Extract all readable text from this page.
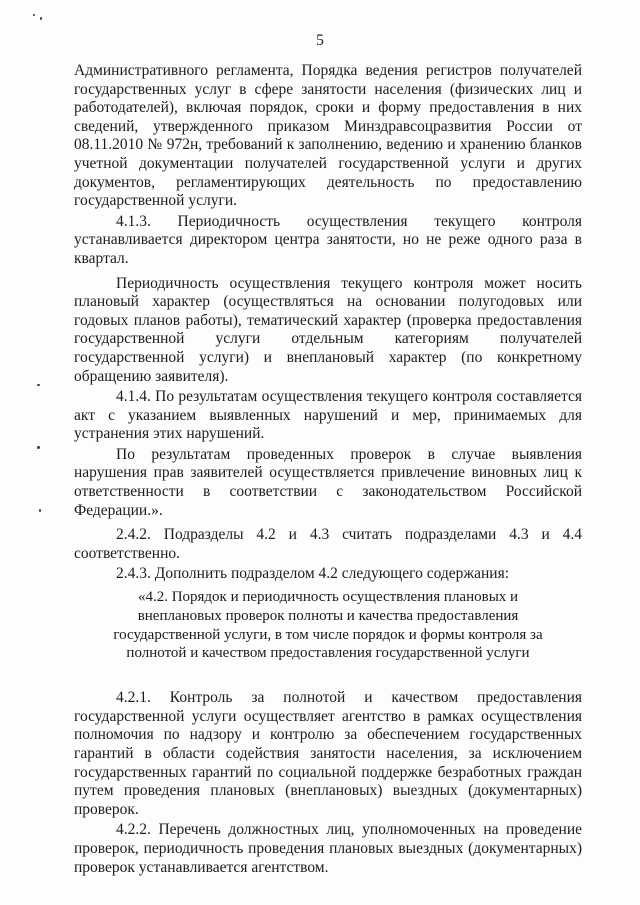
5

Административного регламента, Порядка ведения регистров получателей государственных услуг в сфере занятости населения (физических лиц и работодателей), включая порядок, сроки и форму предоставления в них сведений, утвержденного приказом Минздравсоцразвития России от 08.11.2010 № 972н, требований к заполнению, ведению и хранению бланков учетной документации получателей государственной услуги и других документов, регламентирующих деятельность по предоставлению государственной услуги.

4.1.3. Периодичность осуществления текущего контроля устанавливается директором центра занятости, но не реже одного раза в квартал.

Периодичность осуществления текущего контроля может носить плановый характер (осуществляться на основании полугодовых или годовых планов работы), тематический характер (проверка предоставления государственной услуги отдельным категориям получателей государственной услуги) и внеплановый характер (по конкретному обращению заявителя).

4.1.4. По результатам осуществления текущего контроля составляется акт с указанием выявленных нарушений и мер, принимаемых для устранения этих нарушений.

По результатам проведенных проверок в случае выявления нарушения прав заявителей осуществляется привлечение виновных лиц к ответственности в соответствии с законодательством Российской Федерации.».

2.4.2. Подразделы 4.2 и 4.3 считать подразделами 4.3 и 4.4 соответственно.

2.4.3. Дополнить подразделом 4.2 следующего содержания:

«4.2. Порядок и периодичность осуществления плановых и внеплановых проверок полноты и качества предоставления государственной услуги, в том числе порядок и формы контроля за полнотой и качеством предоставления государственной услуги

4.2.1. Контроль за полнотой и качеством предоставления государственной услуги осуществляет агентство в рамках осуществления полномочия по надзору и контролю за обеспечением государственных гарантий в области содействия занятости населения, за исключением государственных гарантий по социальной поддержке безработных граждан путем проведения плановых (внеплановых) выездных (документарных) проверок.

4.2.2. Перечень должностных лиц, уполномоченных на проведение проверок, периодичность проведения плановых выездных (документарных) проверок устанавливается агентством.
